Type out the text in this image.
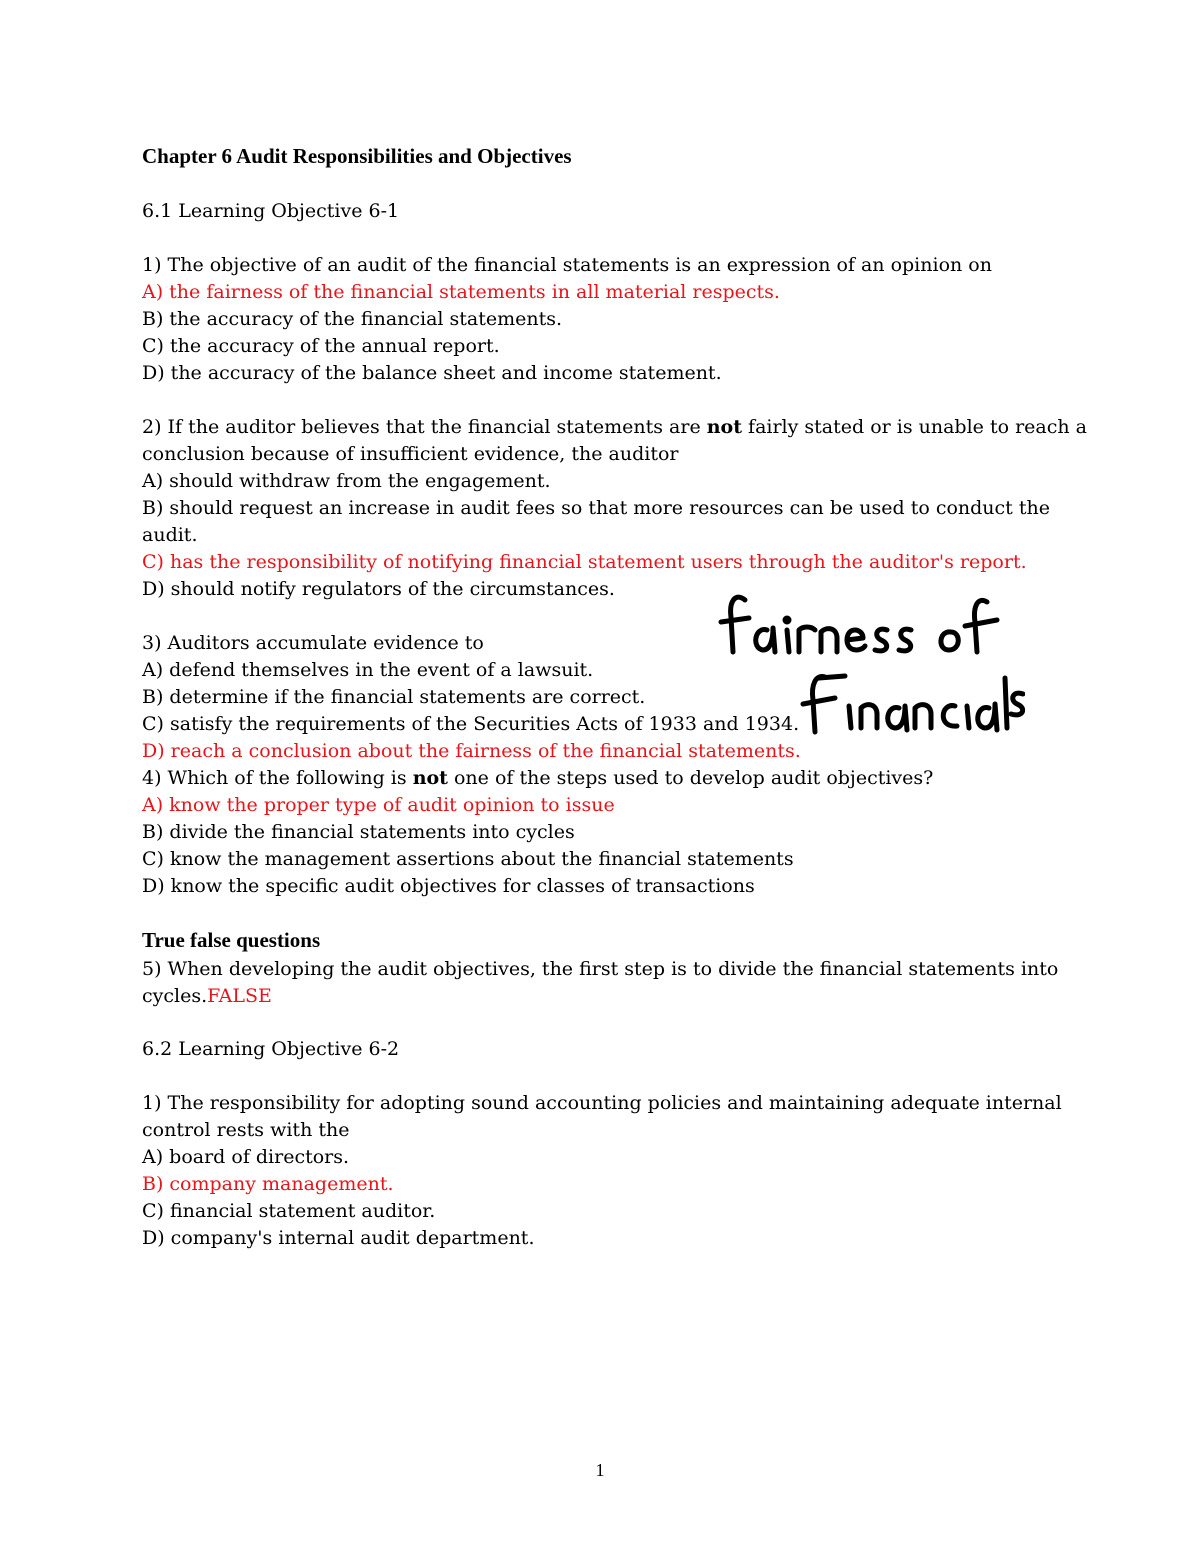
Chapter 6 Audit Responsibilities and Objectives
6.1 Learning Objective 6-1
1) The objective of an audit of the financial statements is an expression of an opinion on
A) the fairness of the financial statements in all material respects.
B) the accuracy of the financial statements.
C) the accuracy of the annual report.
D) the accuracy of the balance sheet and income statement.
2) If the auditor believes that the financial statements are not fairly stated or is unable to reach a
conclusion because of insufficient evidence, the auditor
A) should withdraw from the engagement.
B) should request an increase in audit fees so that more resources can be used to conduct the
audit.
C) has the responsibility of notifying financial statement users through the auditor's report.
D) should notify regulators of the circumstances.
3) Auditors accumulate evidence to
A) defend themselves in the event of a lawsuit.
B) determine if the financial statements are correct.
C) satisfy the requirements of the Securities Acts of 1933 and 1934.
D) reach a conclusion about the fairness of the financial statements.
4) Which of the following is not one of the steps used to develop audit objectives?
A) know the proper type of audit opinion to issue
B) divide the financial statements into cycles
C) know the management assertions about the financial statements
D) know the specific audit objectives for classes of transactions
True false questions
5) When developing the audit objectives, the first step is to divide the financial statements into
cycles.FALSE
6.2 Learning Objective 6-2
1) The responsibility for adopting sound accounting policies and maintaining adequate internal
control rests with the
A) board of directors.
B) company management.
C) financial statement auditor.
D) company's internal audit department.
1
